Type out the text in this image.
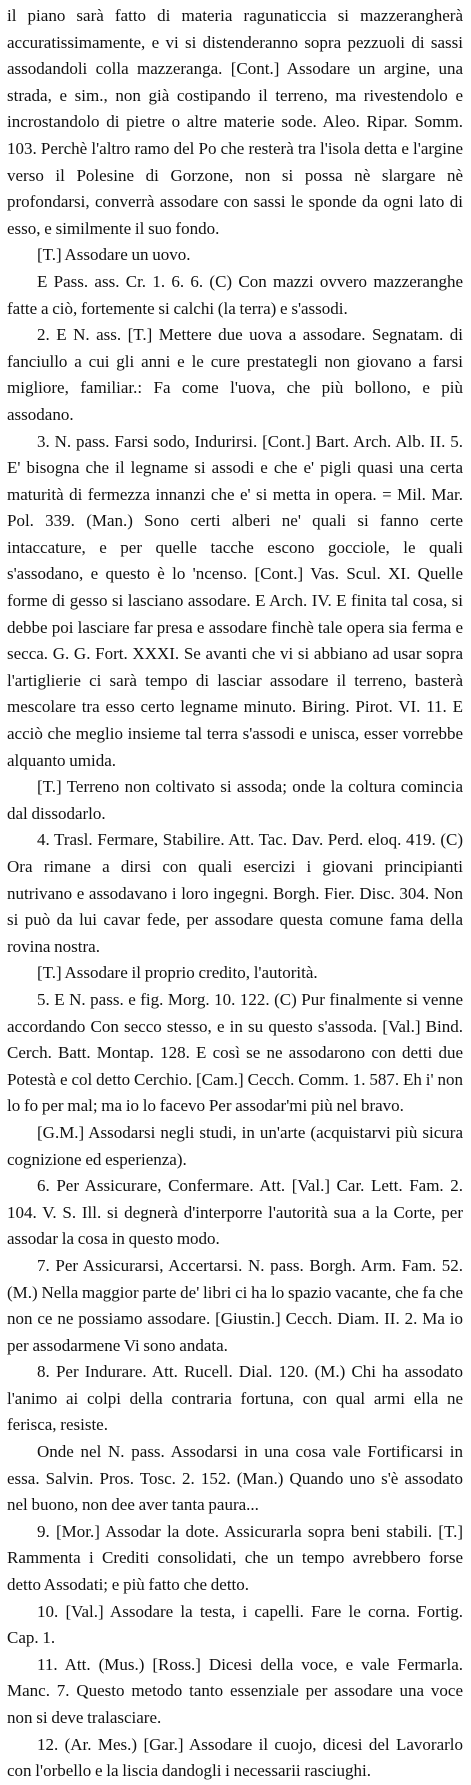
il piano sarà fatto di materia ragunaticcia si mazzerangherà accuratissimamente, e vi si distenderanno sopra pezzuoli di sassi assodandoli colla mazzeranga. [Cont.] Assodare un argine, una strada, e sim., non già costipando il terreno, ma rivestendolo e incrostandolo di pietre o altre materie sode. Aleo. Ripar. Somm. 103. Perchè l'altro ramo del Po che resterà tra l'isola detta e l'argine verso il Polesine di Gorzone, non si possa nè slargare nè profondarsi, converrà assodare con sassi le sponde da ogni lato di esso, e similmente il suo fondo.

[T.] Assodare un uovo.

E Pass. ass. Cr. 1. 6. 6. (C) Con mazzi ovvero mazzeranghe fatte a ciò, fortemente si calchi (la terra) e s'assodi.

2. E N. ass. [T.] Mettere due uova a assodare. Segnatam. di fanciullo a cui gli anni e le cure prestategli non giovano a farsi migliore, familiar.: Fa come l'uova, che più bollono, e più assodano.

3. N. pass. Farsi sodo, Indurirsi. [Cont.] Bart. Arch. Alb. II. 5. E' bisogna che il legname si assodi e che e' pigli quasi una certa maturità di fermezza innanzi che e' si metta in opera. = Mil. Mar. Pol. 339. (Man.) Sono certi alberi ne' quali si fanno certe intaccature, e per quelle tacche escono gocciole, le quali s'assodano, e questo è lo 'ncenso. [Cont.] Vas. Scul. XI. Quelle forme di gesso si lasciano assodare. E Arch. IV. E finita tal cosa, si debbe poi lasciare far presa e assodare finchè tale opera sia ferma e secca. G. G. Fort. XXXI. Se avanti che vi si abbiano ad usar sopra l'artiglierie ci sarà tempo di lasciar assodare il terreno, basterà mescolare tra esso certo legname minuto. Biring. Pirot. VI. 11. E acciò che meglio insieme tal terra s'assodi e unisca, esser vorrebbe alquanto umida.

[T.] Terreno non coltivato si assoda; onde la coltura comincia dal dissodarlo.

4. Trasl. Fermare, Stabilire. Att. Tac. Dav. Perd. eloq. 419. (C) Ora rimane a dirsi con quali esercizi i giovani principianti nutrivano e assodavano i loro ingegni. Borgh. Fier. Disc. 304. Non si può da lui cavar fede, per assodare questa comune fama della rovina nostra.

[T.] Assodare il proprio credito, l'autorità.

5. E N. pass. e fig. Morg. 10. 122. (C) Pur finalmente si venne accordando Con secco stesso, e in su questo s'assoda. [Val.] Bind. Cerch. Batt. Montap. 128. E così se ne assodarono con detti due Potestà e col detto Cerchio. [Cam.] Cecch. Comm. 1. 587. Eh i' non lo fo per mal; ma io lo facevo Per assodar'mi più nel bravo.

[G.M.] Assodarsi negli studi, in un'arte (acquistarvi più sicura cognizione ed esperienza).

6. Per Assicurare, Confermare. Att. [Val.] Car. Lett. Fam. 2. 104. V. S. Ill. si degnerà d'interporre l'autorità sua a la Corte, per assodar la cosa in questo modo.

7. Per Assicurarsi, Accertarsi. N. pass. Borgh. Arm. Fam. 52. (M.) Nella maggior parte de' libri ci ha lo spazio vacante, che fa che non ce ne possiamo assodare. [Giustin.] Cecch. Diam. II. 2. Ma io per assodarmene Vi sono andata.

8. Per Indurare. Att. Rucell. Dial. 120. (M.) Chi ha assodato l'animo ai colpi della contraria fortuna, con qual armi ella ne ferisca, resiste.

Onde nel N. pass. Assodarsi in una cosa vale Fortificarsi in essa. Salvin. Pros. Tosc. 2. 152. (Man.) Quando uno s'è assodato nel buono, non dee aver tanta paura...

9. [Mor.] Assodar la dote. Assicurarla sopra beni stabili. [T.] Rammenta i Crediti consolidati, che un tempo avrebbero forse detto Assodati; e più fatto che detto.

10. [Val.] Assodare la testa, i capelli. Fare le corna. Fortig. Cap. 1.

11. Att. (Mus.) [Ross.] Dicesi della voce, e vale Fermarla. Manc. 7. Questo metodo tanto essenziale per assodare una voce non si deve tralasciare.

12. (Ar. Mes.) [Gar.] Assodare il cuojo, dicesi del Lavorarlo con l'orbello e la liscia dandogli i necessarii rasciughi.
